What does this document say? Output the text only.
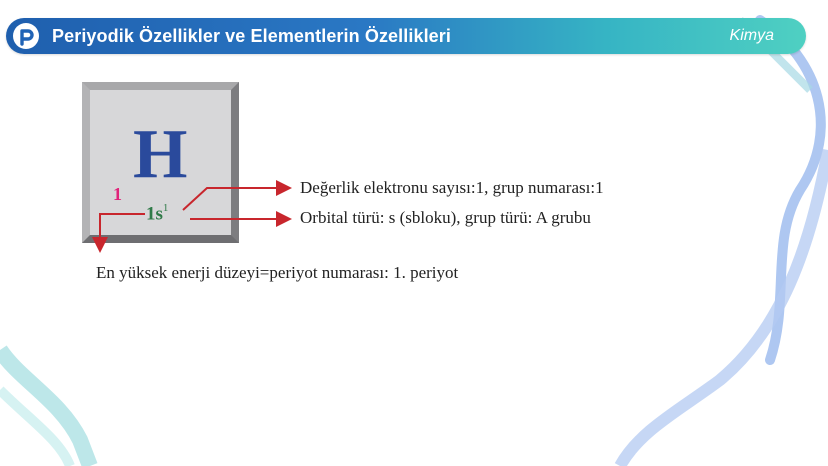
Periyodik Özellikler ve Elementlerin Özellikleri	Kimya
H
1
$1s^1$
Değerlik elektronu sayısı:1, grup numarası:1
Orbital türü: s (sbloku), grup türü: A grubu
En yüksek enerji düzeyi=periyot numarası: 1. periyot
